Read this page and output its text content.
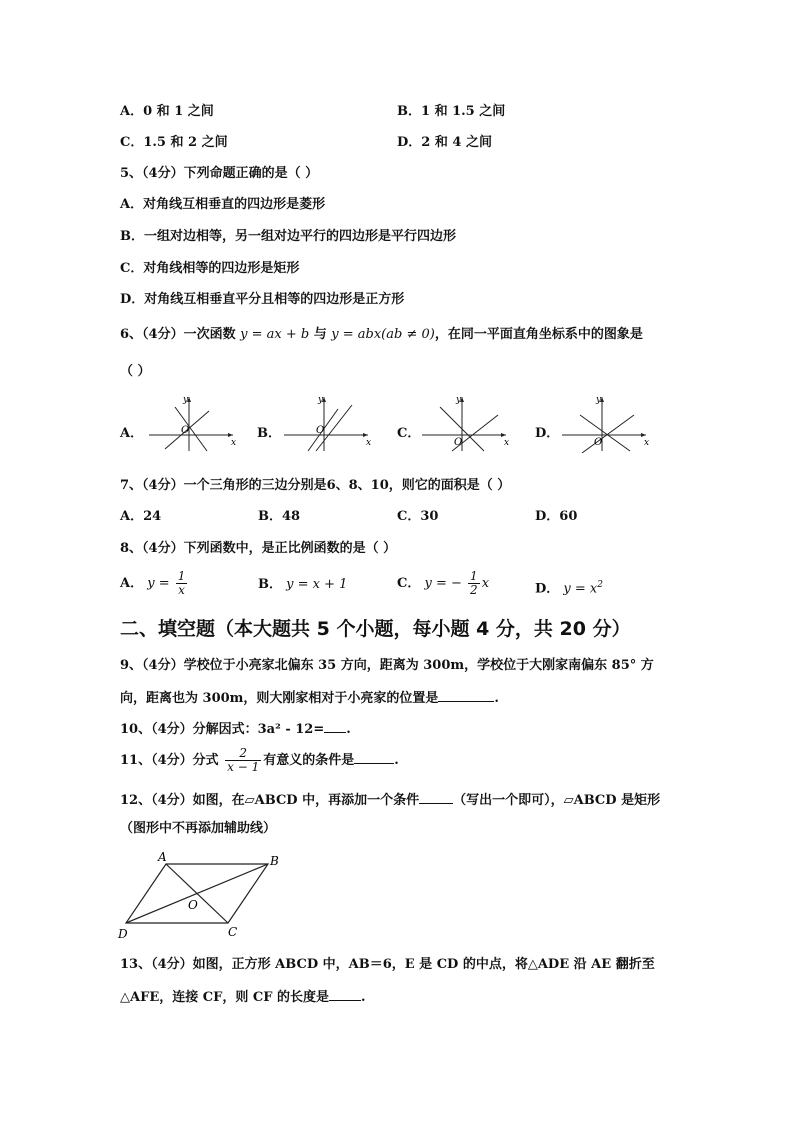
A．0 和 1 之间	B．1 和 1.5 之间
C．1.5 和 2 之间	D．2 和 4 之间
5、（4分）下列命题正确的是（ ）
A．对角线互相垂直的四边形是菱形
B．一组对边相等，另一组对边平行的四边形是平行四边形
C．对角线相等的四边形是矩形
D．对角线互相垂直平分且相等的四边形是正方形
6、（4分）一次函数 y = ax + b 与 y = abx(ab ≠ 0)，在同一平面直角坐标系中的图象是
（ ）
A．
y
x
O	B．
y
x
O	C．
y
x
O
D．
y
x
O
7、（4分）一个三角形的三边分别是6、8、10，则它的面积是（ ）
A．24	B．48	C．30	D．60
8、（4分）下列函数中，是正比例函数的是（ ）
A． $y = \frac{1}{x}$	B． y = x + 1	C． y = − $\frac{1}{2}$ x	D． $y = x^2$
二、填空题（本大题共 5 个小题，每小题 4 分，共 20 分）
9、（4分）学校位于小亮家北偏东 35 方向，距离为 300m，学校位于大刚家南偏东 85° 方
向，距离也为 300m，则大刚家相对于小亮家的位置是	.
10、（4分）分解因式：3a² - 12= .
11、（4分）分式 $\frac{2}{x - 1}$ 有意义的条件是	.
12、（4分）如图，在▱ABCD 中，再添加一个条件	（写出一个即可），▱ABCD 是矩形
（图形中不再添加辅助线）
A	B
C
D
O
13、（4分）如图，正方形 ABCD 中，AB＝6，E 是 CD 的中点，将△ADE 沿 AE 翻折至
△AFE，连接 CF，则 CF 的长度是 .
